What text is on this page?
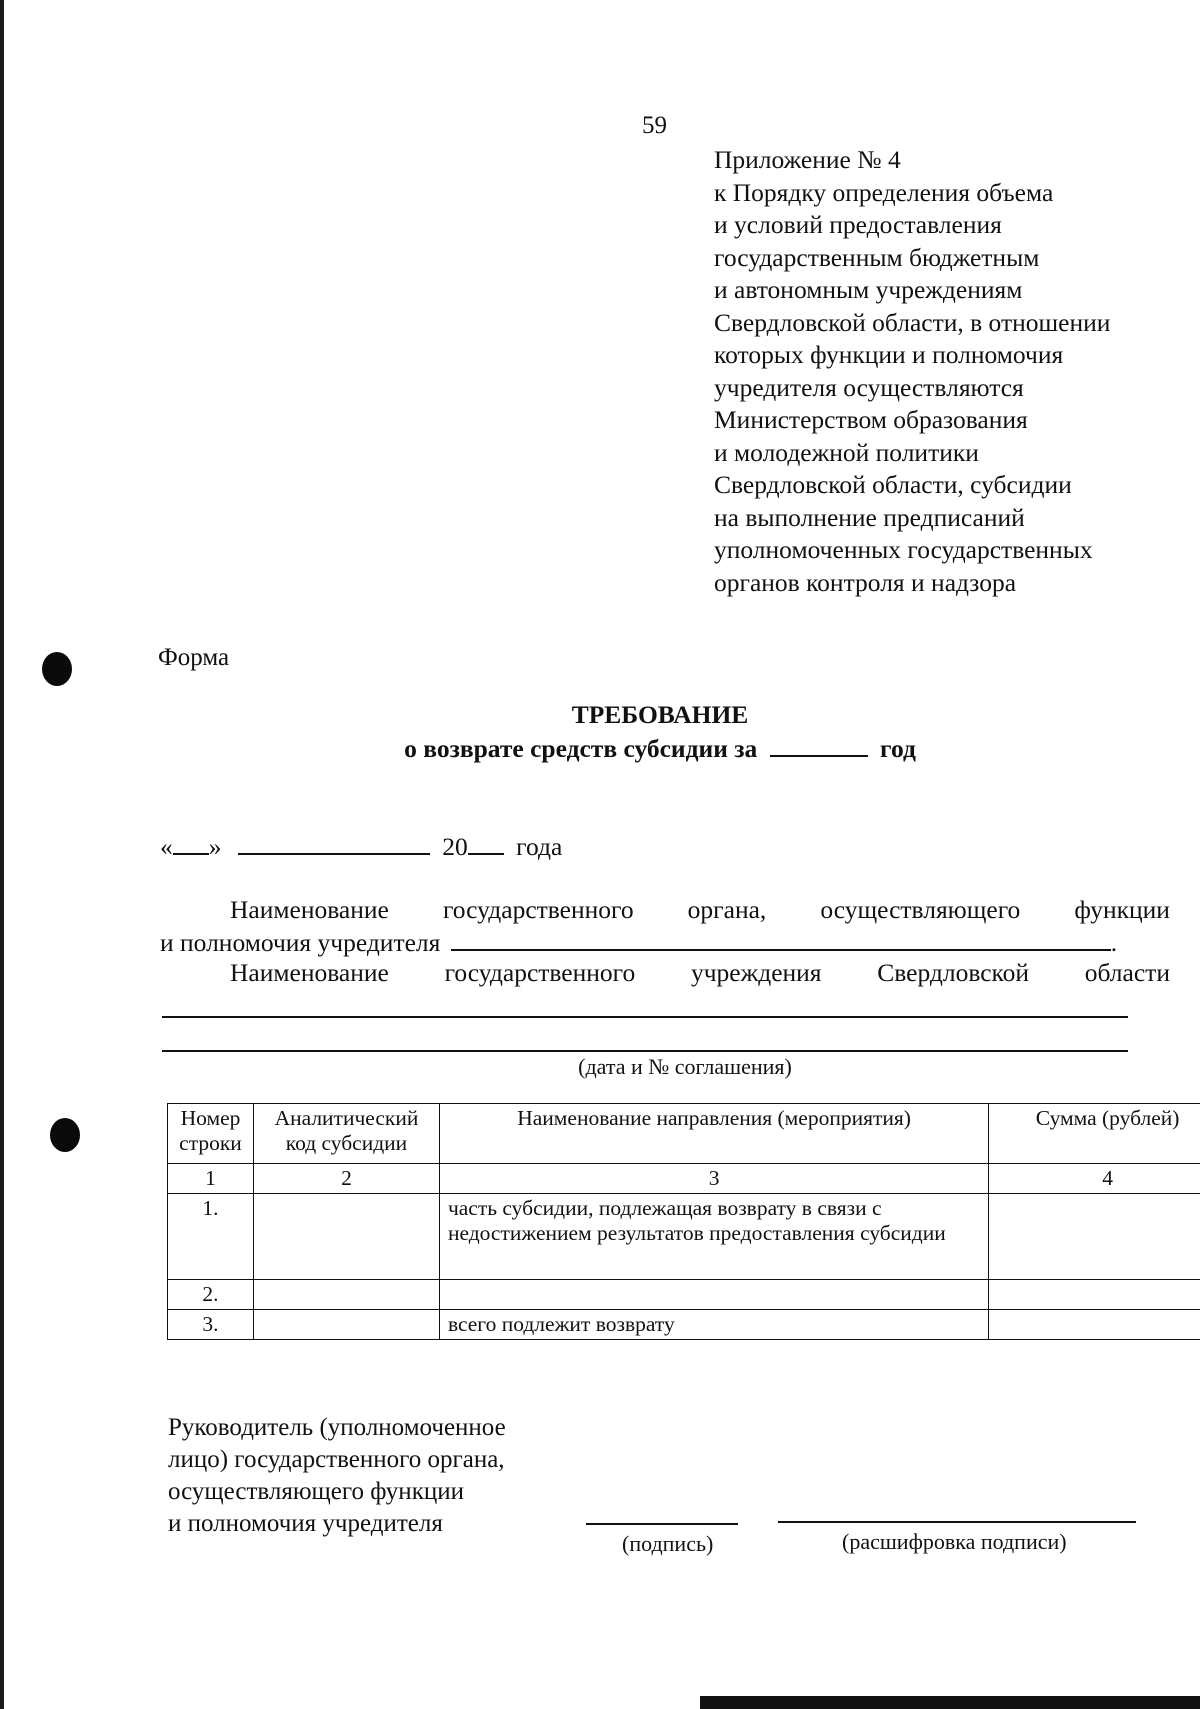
59
Приложение № 4
к Порядку определения объема
и условий предоставления
государственным бюджетным
и автономным учреждениям
Свердловской области, в отношении
которых функции и полномочия
учредителя осуществляются
Министерством образования
и молодежной политики
Свердловской области, субсидии
на выполнение предписаний
уполномоченных государственных
органов контроля и надзора
Форма
ТРЕБОВАНИЕ
о возврате средств субсидии за	год
« »	20 года
Наименование государственного органа, осуществляющего функции
и полномочия учредителя	.
Наименование государственного учреждения Свердловской области
(дата и № соглашения)
Номер строки	Аналитический код субсидии	Наименование направления (мероприятия)	Сумма (рублей)
1	2	3	4
1.		часть субсидии, подлежащая возврату в связи с недостижением результатов предоставления субсидии	
2.			
3.		всего подлежит возврату	
Руководитель (уполномоченное
лицо) государственного органа,
осуществляющего функции
и полномочия учредителя
(подпись)	(расшифровка подписи)
